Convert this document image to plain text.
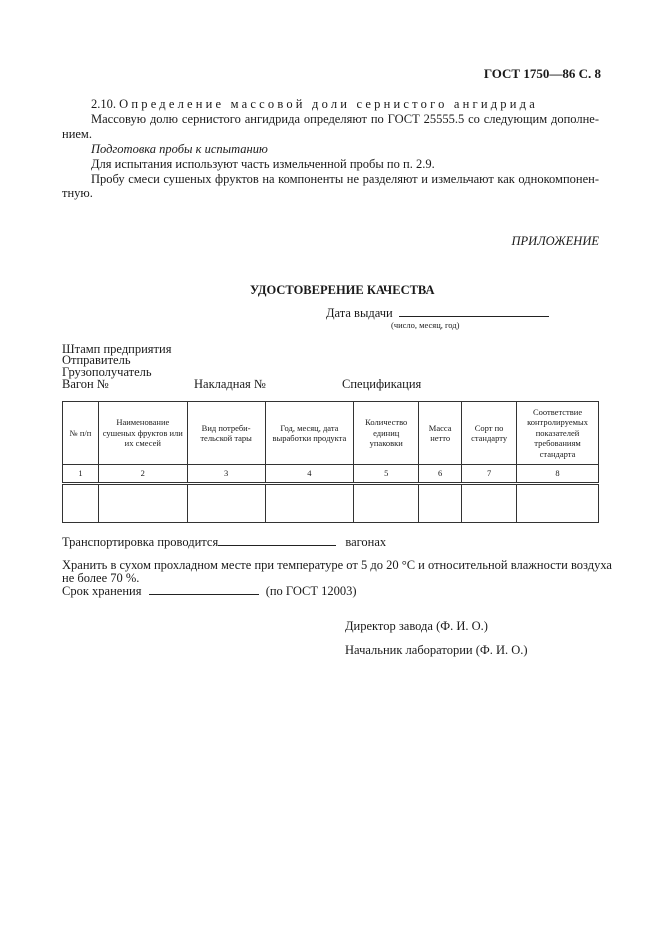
ГОСТ 1750—86 С. 8
2.10. Определение массовой доли сернистого ангидрида
Массовую долю сернистого ангидрида определяют по ГОСТ 25555.5 со следующим дополне-
нием.
Подготовка пробы к испытанию
Для испытания используют часть измельченной пробы по п. 2.9.
Пробу смеси сушеных фруктов на компоненты не разделяют и измельчают как однокомпонен-
тную.
ПРИЛОЖЕНИЕ
УДОСТОВЕРЕНИЕ КАЧЕСТВА
Дата выдачи
(число, месяц, год)
Штамп предприятия
Отправитель
Грузополучатель
Вагон №	Накладная №	Спецификация
№ п/п	Наименование сушеных фруктов или их смесей	Вид потреби-тельской тары	Год, месяц, дата выработки продукта	Количество единиц упаковки	Масса нетто	Сорт по стандарту	Соответствие контролируемых показателей требованиям стандарта
1	2	3	4	5	6	7	8

Транспортировка проводится	вагонах
Хранить в сухом прохладном месте при температуре от 5 до 20 °С и относительной влажности воздуха
не более 70 %.
Срок хранения	(по ГОСТ 12003)
Директор завода (Ф. И. О.)
Начальник лаборатории (Ф. И. О.)
